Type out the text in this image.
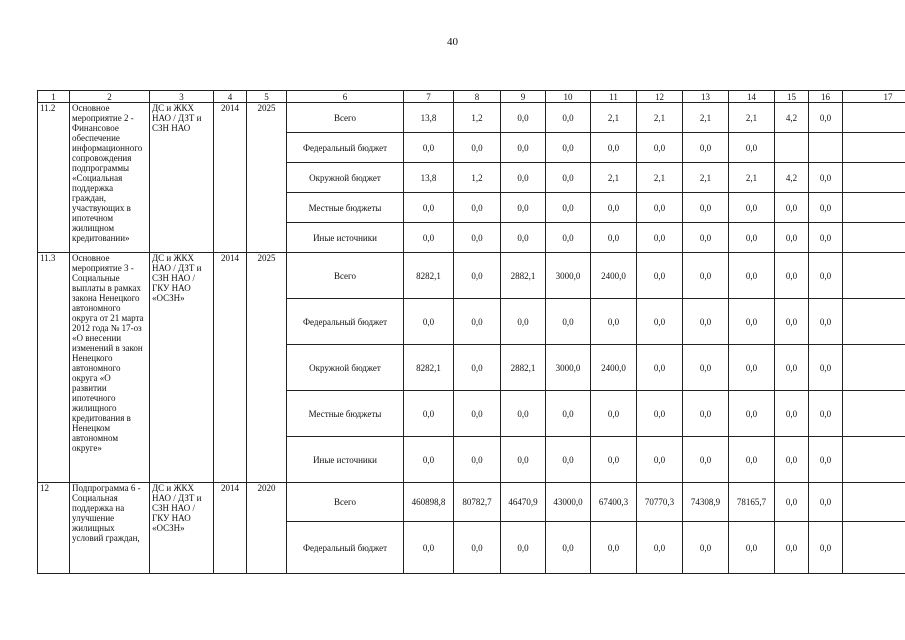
40
1	2	3	4	5	6	7	8	9	10	11	12	13	14	15	16	17
11.2	Основное мероприятие 2 - Финансовое обеспечение информационного сопровождения подпрограммы «Социальная поддержка граждан, участвующих в ипотечном жилищном кредитовании»	ДС и ЖКХ НАО / ДЗТ и СЗН НАО	2014	2025	Всего	13,8	1,2	0,0	0,0	2,1	2,1	2,1	2,1	4,2	0,0	
					Федеральный бюджет	0,0	0,0	0,0	0,0	0,0	0,0	0,0	0,0			
					Окружной бюджет	13,8	1,2	0,0	0,0	2,1	2,1	2,1	2,1	4,2	0,0	
					Местные бюджеты	0,0	0,0	0,0	0,0	0,0	0,0	0,0	0,0	0,0	0,0	
					Иные источники	0,0	0,0	0,0	0,0	0,0	0,0	0,0	0,0	0,0	0,0	
11.3	Основное мероприятие 3 - Социальные выплаты в рамках закона Ненецкого автономного округа от 21 марта 2012 года № 17-оз «О внесении изменений в закон Ненецкого автономного округа «О развитии ипотечного жилищного кредитования в Ненецком автономном округе»	ДС и ЖКХ НАО / ДЗТ и СЗН НАО / ГКУ НАО «ОСЗН»	2014	2025	Всего	8282,1	0,0	2882,1	3000,0	2400,0	0,0	0,0	0,0	0,0	0,0	
					Федеральный бюджет	0,0	0,0	0,0	0,0	0,0	0,0	0,0	0,0	0,0	0,0	
					Окружной бюджет	8282,1	0,0	2882,1	3000,0	2400,0	0,0	0,0	0,0	0,0	0,0	
					Местные бюджеты	0,0	0,0	0,0	0,0	0,0	0,0	0,0	0,0	0,0	0,0	
					Иные источники	0,0	0,0	0,0	0,0	0,0	0,0	0,0	0,0	0,0	0,0	
12	Подпрограмма 6 - Социальная поддержка на улучшение жилищных условий граждан,	ДС и ЖКХ НАО / ДЗТ и СЗН НАО / ГКУ НАО «ОСЗН»	2014	2020	Всего	460898,8	80782,7	46470,9	43000,0	67400,3	70770,3	74308,9	78165,7	0,0	0,0	
					Федеральный бюджет	0,0	0,0	0,0	0,0	0,0	0,0	0,0	0,0	0,0	0,0	
